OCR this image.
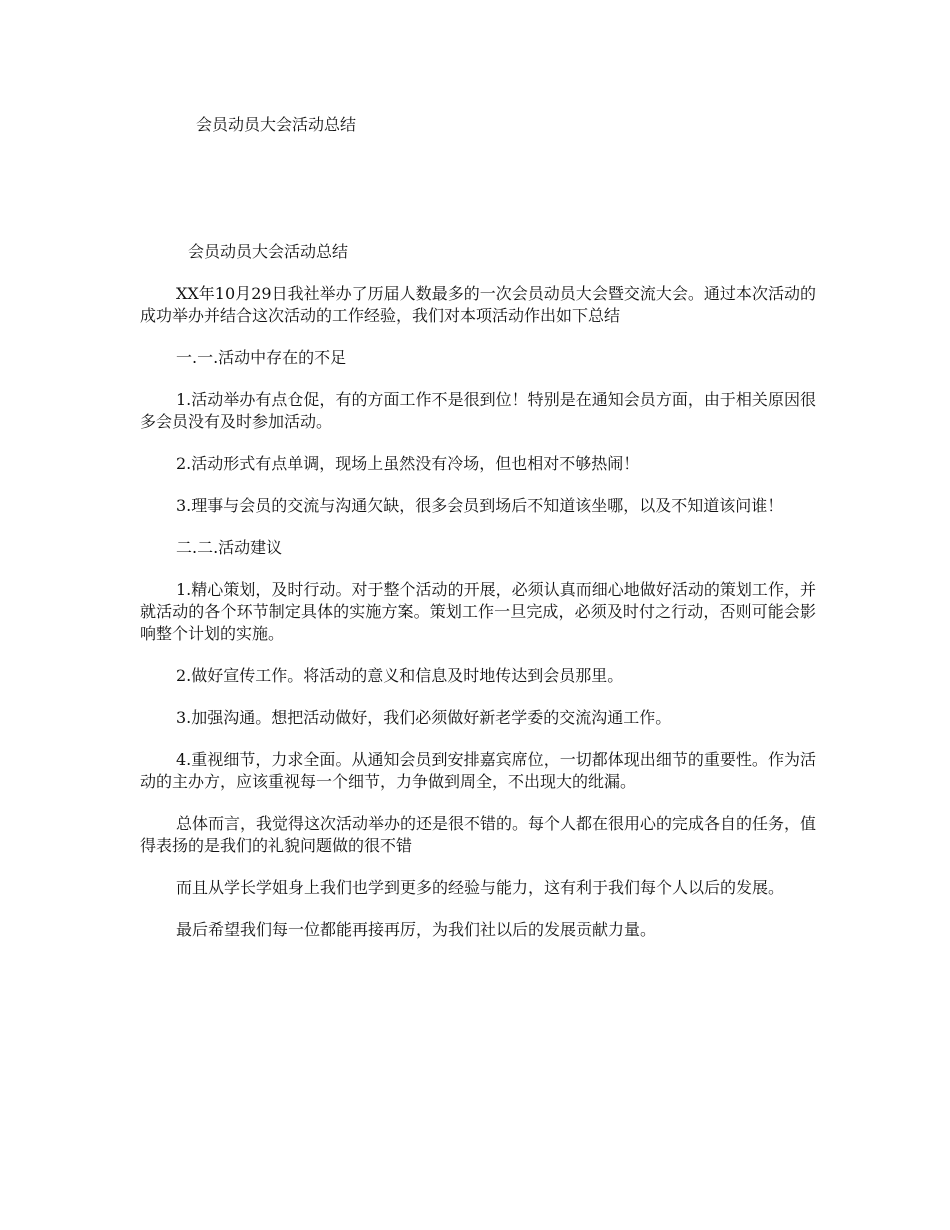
会员动员大会活动总结
会员动员大会活动总结

XX年10月29日我社举办了历届人数最多的一次会员动员大会暨交流大会。通过本次活动的成功举办并结合这次活动的工作经验，我们对本项活动作出如下总结

一.一.活动中存在的不足

1.活动举办有点仓促，有的方面工作不是很到位！特别是在通知会员方面，由于相关原因很多会员没有及时参加活动。

2.活动形式有点单调，现场上虽然没有冷场，但也相对不够热闹！

3.理事与会员的交流与沟通欠缺，很多会员到场后不知道该坐哪，以及不知道该问谁！

二.二.活动建议

1.精心策划，及时行动。对于整个活动的开展，必须认真而细心地做好活动的策划工作，并就活动的各个环节制定具体的实施方案。策划工作一旦完成，必须及时付之行动，否则可能会影响整个计划的实施。

2.做好宣传工作。将活动的意义和信息及时地传达到会员那里。

3.加强沟通。想把活动做好，我们必须做好新老学委的交流沟通工作。

4.重视细节，力求全面。从通知会员到安排嘉宾席位，一切都体现出细节的重要性。作为活动的主办方，应该重视每一个细节，力争做到周全，不出现大的纰漏。

总体而言，我觉得这次活动举办的还是很不错的。每个人都在很用心的完成各自的任务，值得表扬的是我们的礼貌问题做的很不错

而且从学长学姐身上我们也学到更多的经验与能力，这有利于我们每个人以后的发展。

最后希望我们每一位都能再接再厉，为我们社以后的发展贡献力量。
